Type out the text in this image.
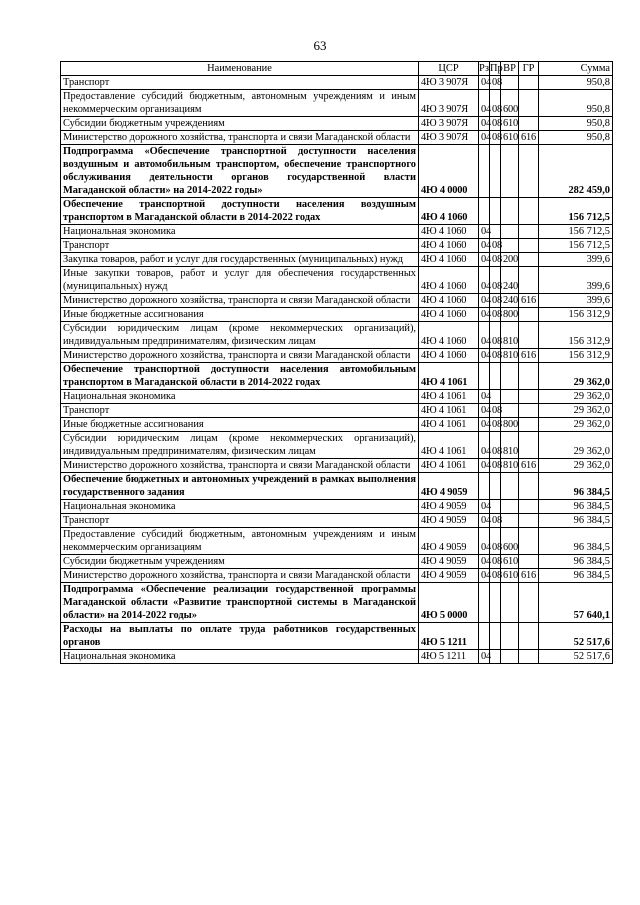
63
Наименование	ЦСР	Рз	Пр	ВР	ГР	Сумма
Транспорт	4Ю 3 907Я	04	08			950,8
Предоставление субсидий бюджетным, автономным учреждениям и иным некоммерческим организациям	4Ю 3 907Я	04	08	600		950,8
Субсидии бюджетным учреждениям	4Ю 3 907Я	04	08	610		950,8
Министерство дорожного хозяйства, транспорта и связи Магаданской области	4Ю 3 907Я	04	08	610	616	950,8
Подпрограмма «Обеспечение транспортной доступности населения воздушным и автомобильным транспортом, обеспечение транспортного обслуживания деятельности органов государственной власти Магаданской области» на 2014-2022 годы»	4Ю 4 0000					282 459,0
Обеспечение транспортной доступности населения воздушным транспортом в Магаданской области в 2014-2022 годах	4Ю 4 1060					156 712,5
Национальная экономика	4Ю 4 1060	04				156 712,5
Транспорт	4Ю 4 1060	04	08			156 712,5
Закупка товаров, работ и услуг для государственных (муниципальных) нужд	4Ю 4 1060	04	08	200		399,6
Иные закупки товаров, работ и услуг для обеспечения государственных (муниципальных) нужд	4Ю 4 1060	04	08	240		399,6
Министерство дорожного хозяйства, транспорта и связи Магаданской области	4Ю 4 1060	04	08	240	616	399,6
Иные бюджетные ассигнования	4Ю 4 1060	04	08	800		156 312,9
Субсидии юридическим лицам (кроме некоммерческих организаций), индивидуальным предпринимателям, физическим лицам	4Ю 4 1060	04	08	810		156 312,9
Министерство дорожного хозяйства, транспорта и связи Магаданской области	4Ю 4 1060	04	08	810	616	156 312,9
Обеспечение транспортной доступности населения автомобильным транспортом в Магаданской области в 2014-2022 годах	4Ю 4 1061					29 362,0
Национальная экономика	4Ю 4 1061	04				29 362,0
Транспорт	4Ю 4 1061	04	08			29 362,0
Иные бюджетные ассигнования	4Ю 4 1061	04	08	800		29 362,0
Субсидии юридическим лицам (кроме некоммерческих организаций), индивидуальным предпринимателям, физическим лицам	4Ю 4 1061	04	08	810		29 362,0
Министерство дорожного хозяйства, транспорта и связи Магаданской области	4Ю 4 1061	04	08	810	616	29 362,0
Обеспечение бюджетных и автономных учреждений в рамках выполнения государственного задания	4Ю 4 9059					96 384,5
Национальная экономика	4Ю 4 9059	04				96 384,5
Транспорт	4Ю 4 9059	04	08			96 384,5
Предоставление субсидий бюджетным, автономным учреждениям и иным некоммерческим организациям	4Ю 4 9059	04	08	600		96 384,5
Субсидии бюджетным учреждениям	4Ю 4 9059	04	08	610		96 384,5
Министерство дорожного хозяйства, транспорта и связи Магаданской области	4Ю 4 9059	04	08	610	616	96 384,5
Подпрограмма «Обеспечение реализации государственной программы Магаданской области «Развитие транспортной системы в Магаданской области» на 2014-2022 годы»	4Ю 5 0000					57 640,1
Расходы на выплаты по оплате труда работников государственных органов	4Ю 5 1211					52 517,6
Национальная экономика	4Ю 5 1211	04				52 517,6
